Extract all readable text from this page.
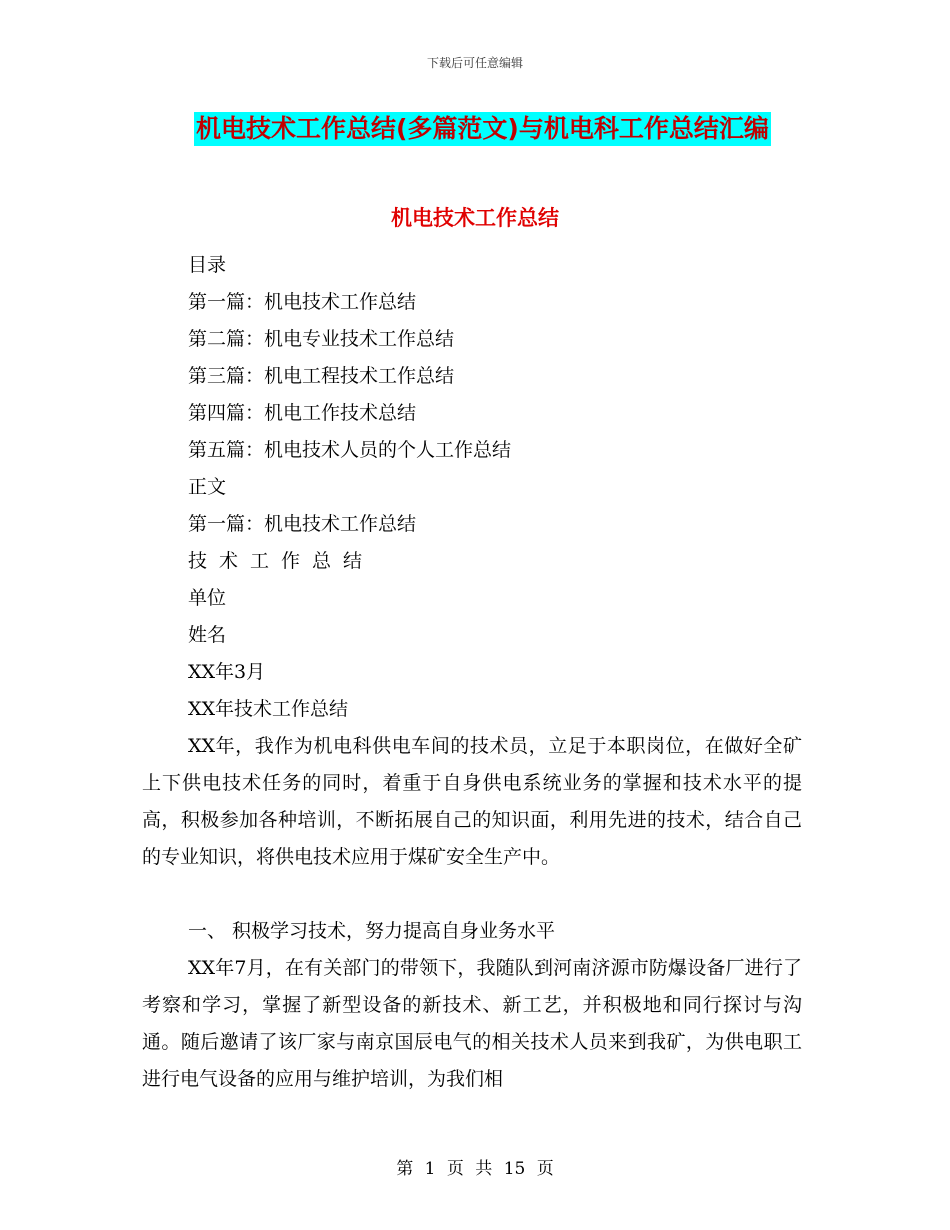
下载后可任意编辑
机电技术工作总结(多篇范文)与机电科工作总结汇编
机电技术工作总结
目录
第一篇：机电技术工作总结
第二篇：机电专业技术工作总结
第三篇：机电工程技术工作总结
第四篇：机电工作技术总结
第五篇：机电技术人员的个人工作总结
正文
第一篇：机电技术工作总结
技术工作总结
单位
姓名
XX年3月
XX年技术工作总结

XX年，我作为机电科供电车间的技术员，立足于本职岗位，在做好全矿上下供电技术任务的同时，着重于自身供电系统业务的掌握和技术水平的提高，积极参加各种培训，不断拓展自己的知识面，利用先进的技术，结合自己的专业知识，将供电技术应用于煤矿安全生产中。

一、 积极学习技术，努力提高自身业务水平

XX年7月，在有关部门的带领下，我随队到河南济源市防爆设备厂进行了考察和学习，掌握了新型设备的新技术、新工艺，并积极地和同行探讨与沟通。随后邀请了该厂家与南京国辰电气的相关技术人员来到我矿，为供电职工进行电气设备的应用与维护培训，为我们相

第 1 页 共 15 页
